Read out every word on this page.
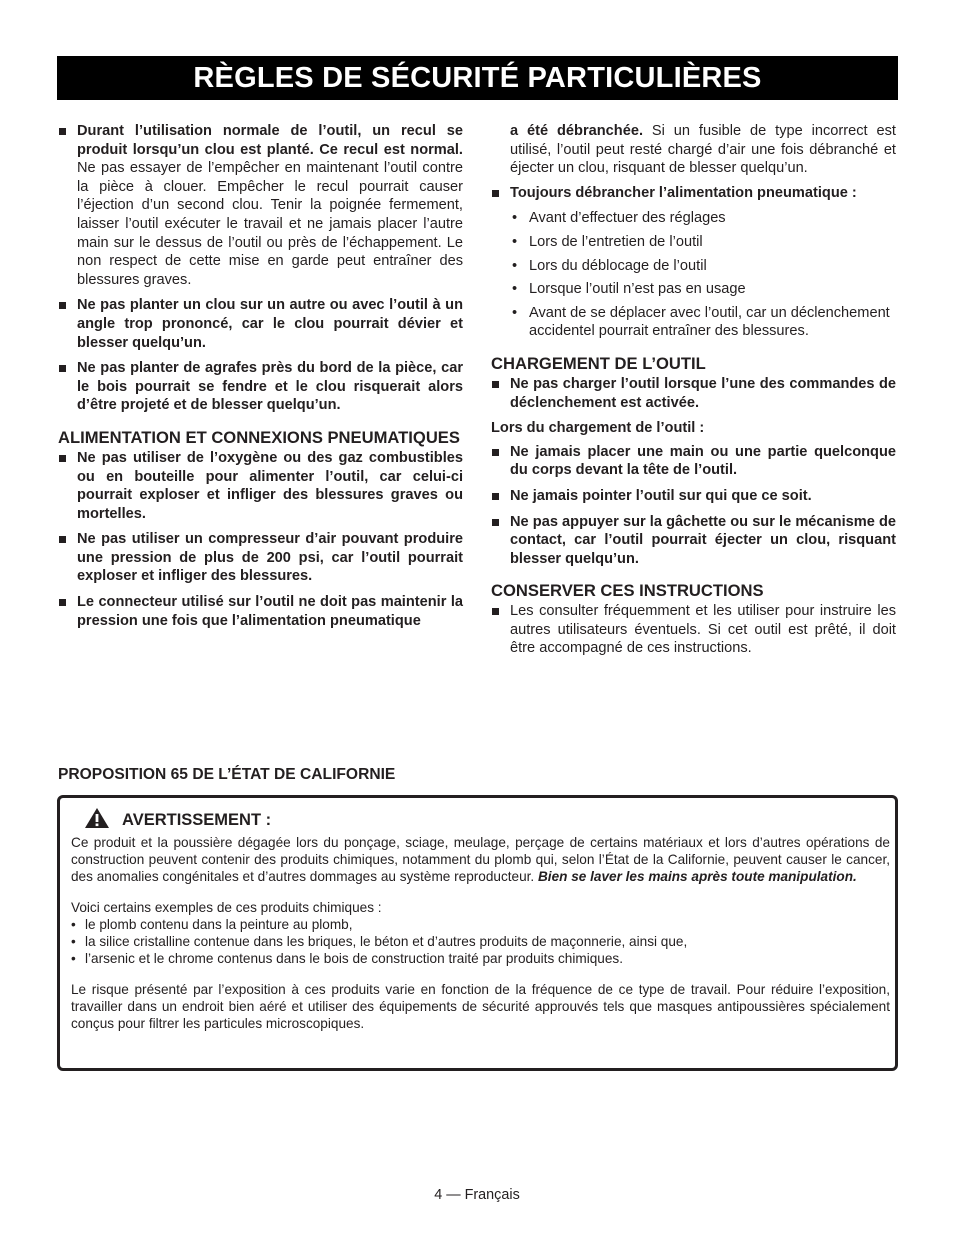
RÈGLES DE SÉCURITÉ PARTICULIÈRES

Durant l’utilisation normale de l’outil, un recul se produit lorsqu’un clou est planté. Ce recul est normal. Ne pas essayer de l’empêcher en maintenant l’outil contre la pièce à clouer. Empêcher le recul pourrait causer l’éjection d’un second clou. Tenir la poignée fermement, laisser l’outil exécuter le travail et ne jamais placer l’autre main sur le dessus de l’outil ou près de l’échappement. Le non respect de cette mise en garde peut entraîner des blessures graves.

Ne pas planter un clou sur un autre ou avec l’outil à un angle trop prononcé, car le clou pourrait dévier et blesser quelqu’un.

Ne pas planter de agrafes près du bord de la pièce, car le bois pourrait se fendre et le clou risquerait alors d’être projeté et de blesser quelqu’un.

ALIMENTATION ET CONNEXIONS PNEUMATIQUES

Ne pas utiliser de l’oxygène ou des gaz combustibles ou en bouteille pour alimenter l’outil, car celui-ci pourrait exploser et infliger des blessures graves ou mortelles.

Ne pas utiliser un compresseur d’air pouvant produire une pression de plus de 200 psi, car l’outil pourrait exploser et infliger des blessures.

Le connecteur utilisé sur l’outil ne doit pas maintenir la pression une fois que l’alimentation pneumatique

a été débranchée. Si un fusible de type incorrect est utilisé, l’outil peut resté chargé d’air une fois débranché et éjecter un clou, risquant de blesser quelqu’un.

Toujours débrancher l’alimentation pneumatique :

• Avant d’effectuer des réglages

• Lors de l’entretien de l’outil

• Lors du déblocage de l’outil

• Lorsque l’outil n’est pas en usage

• Avant de se déplacer avec l’outil, car un déclenchement accidentel pourrait entraîner des blessures.

CHARGEMENT DE L’OUTIL

Ne pas charger l’outil lorsque l’une des commandes de déclenchement est activée.

Lors du chargement de l’outil :

Ne jamais placer une main ou une partie quelconque du corps devant la tête de l’outil.

Ne jamais pointer l’outil sur qui que ce soit.

Ne pas appuyer sur la gâchette ou sur le mécanisme de contact, car l’outil pourrait éjecter un clou, risquant blesser quelqu’un.

CONSERVER CES INSTRUCTIONS

Les consulter fréquemment et les utiliser pour instruire les autres utilisateurs éventuels. Si cet outil est prêté, il doit être accompagné de ces instructions.

PROPOSITION 65 DE L’ÉTAT DE CALIFORNIE
AVERTISSEMENT :

Ce produit et la poussière dégagée lors du ponçage, sciage, meulage, perçage de certains matériaux et lors d’autres opérations de construction peuvent contenir des produits chimiques, notamment du plomb qui, selon l’État de la Californie, peuvent causer le cancer, des anomalies congénitales et d’autres dommages au système reproducteur. Bien se laver les mains après toute manipulation.

Voici certains exemples de ces produits chimiques :

• le plomb contenu dans la peinture au plomb,

• la silice cristalline contenue dans les briques, le béton et d’autres produits de maçonnerie, ainsi que,

• l’arsenic et le chrome contenus dans le bois de construction traité par produits chimiques.

Le risque présenté par l’exposition à ces produits varie en fonction de la fréquence de ce type de travail. Pour réduire l’exposition, travailler dans un endroit bien aéré et utiliser des équipements de sécurité approuvés tels que masques antipoussières spécialement conçus pour filtrer les particules microscopiques.

4 — Français
